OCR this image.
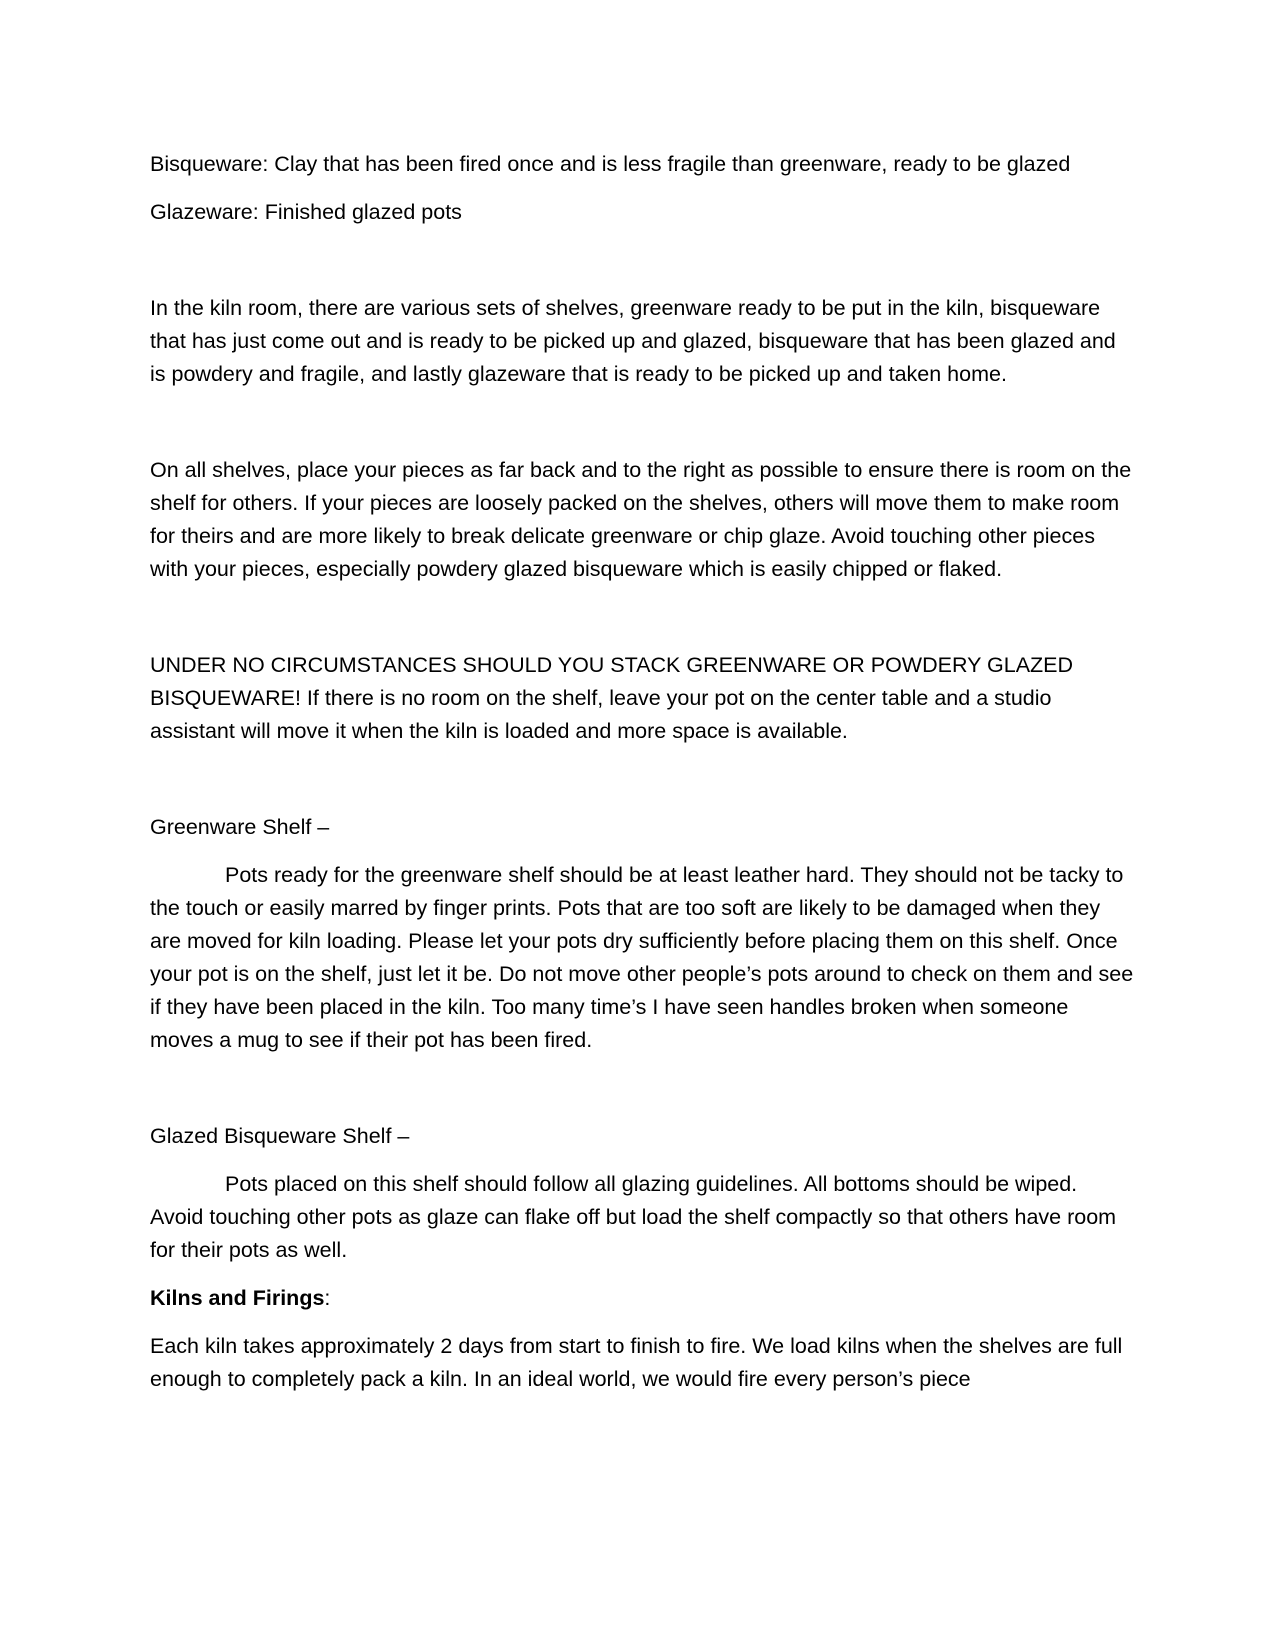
Bisqueware: Clay that has been fired once and is less fragile than greenware, ready to be glazed

Glazeware: Finished glazed pots

In the kiln room, there are various sets of shelves, greenware ready to be put in the kiln, bisqueware that has just come out and is ready to be picked up and glazed, bisqueware that has been glazed and is powdery and fragile, and lastly glazeware that is ready to be picked up and taken home.

On all shelves, place your pieces as far back and to the right as possible to ensure there is room on the shelf for others. If your pieces are loosely packed on the shelves, others will move them to make room for theirs and are more likely to break delicate greenware or chip glaze. Avoid touching other pieces with your pieces, especially powdery glazed bisqueware which is easily chipped or flaked.

UNDER NO CIRCUMSTANCES SHOULD YOU STACK GREENWARE OR POWDERY GLAZED BISQUEWARE! If there is no room on the shelf, leave your pot on the center table and a studio assistant will move it when the kiln is loaded and more space is available.

Greenware Shelf –

Pots ready for the greenware shelf should be at least leather hard. They should not be tacky to the touch or easily marred by finger prints. Pots that are too soft are likely to be damaged when they are moved for kiln loading. Please let your pots dry sufficiently before placing them on this shelf. Once your pot is on the shelf, just let it be. Do not move other people’s pots around to check on them and see if they have been placed in the kiln. Too many time’s I have seen handles broken when someone moves a mug to see if their pot has been fired.

Glazed Bisqueware Shelf –

Pots placed on this shelf should follow all glazing guidelines. All bottoms should be wiped. Avoid touching other pots as glaze can flake off but load the shelf compactly so that others have room for their pots as well.

Kilns and Firings:

Each kiln takes approximately 2 days from start to finish to fire. We load kilns when the shelves are full enough to completely pack a kiln. In an ideal world, we would fire every person’s piece
